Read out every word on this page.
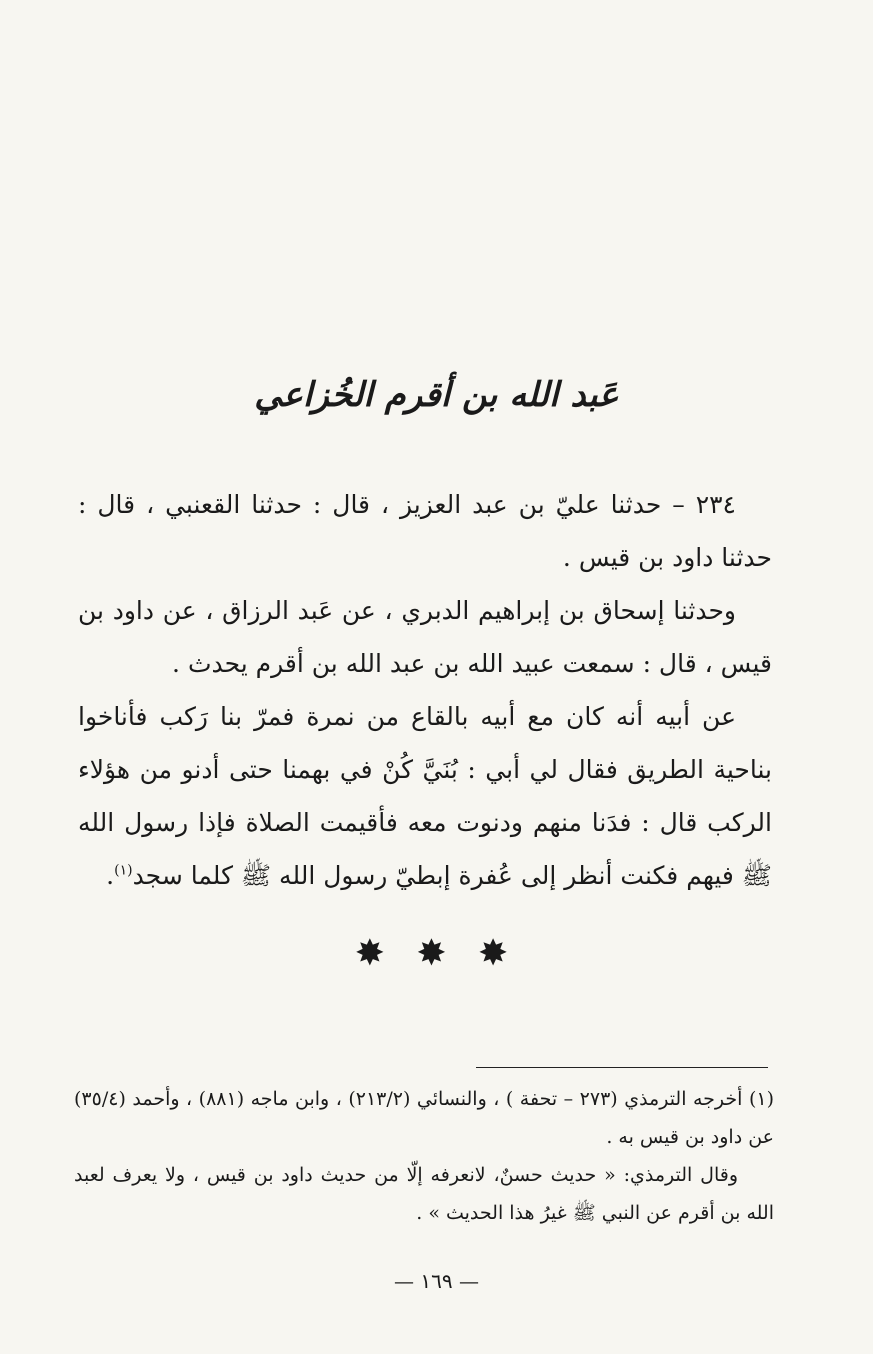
عَبد الله بن أقرم الخُزاعي

٢٣٤ – حدثنا عليّ بن عبد العزيز ، قال : حدثنا القعنبي ، قال : حدثنا داود بن قيس .

وحدثنا إسحاق بن إبراهيم الدبري ، عن عَبد الرزاق ، عن داود بن قيس ، قال : سمعت عبيد الله بن عبد الله بن أقرم يحدث .

عن أبيه أنه كان مع أبيه بالقاع من نمرة فمرّ بنا رَكب فأناخوا بناحية الطريق فقال لي أبي : بُنَيَّ كُنْ في بهمنا حتى أدنو من هؤلاء الركب قال : فدَنا منهم ودنوت معه فأقيمت الصلاة فإذا رسول الله ﷺ فيهم فكنت أنظر إلى عُفرة إبطيّ رسول الله ﷺ كلما سجد$^{(١)}$.

✸ ✸ ✸

(١) أخرجه الترمذي (٢٧٣ – تحفة ) ، والنسائي (٢١٣/٢) ، وابن ماجه (٨٨١) ، وأحمد (٣٥/٤) عن داود بن قيس به .

وقال الترمذي: « حديث حسنٌ، لانعرفه إلّا من حديث داود بن قيس ، ولا يعرف لعبد الله بن أقرم عن النبي ﷺ غيرُ هذا الحديث » .

— ١٦٩ —
